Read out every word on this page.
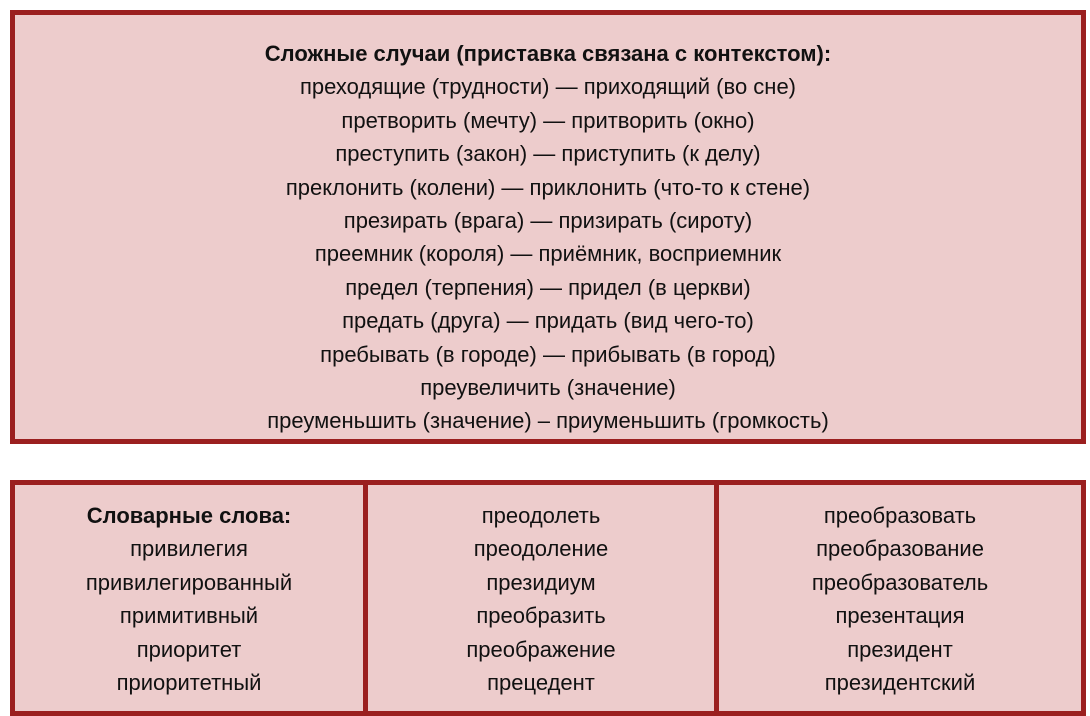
Сложные случаи (приставка связана с контекстом):
преходящие (трудности) — приходящий (во сне)
претворить (мечту) — притворить (окно)
преступить (закон) — приступить (к делу)
преклонить (колени) — приклонить (что-то к стене)
презирать (врага) — призирать (сироту)
преемник (короля) — приёмник, восприемник
предел (терпения) — придел (в церкви)
предать (друга) — придать (вид чего-то)
пребывать (в городе) — прибывать (в город)
преувеличить (значение)
преуменьшить (значение) – приуменьшить (громкость)
Словарные слова:
привилегия
привилегированный
примитивный
приоритет
приоритетный
преодолеть
преодоление
президиум
преобразить
преображение
прецедент
преобразовать
преобразование
преобразователь
презентация
президент
президентский
